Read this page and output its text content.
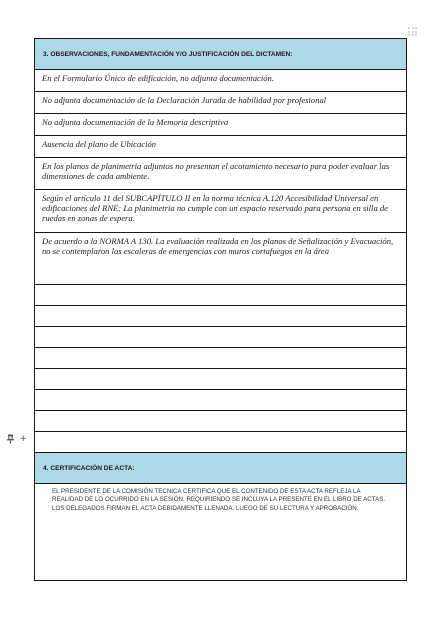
3. OBSERVACIONES, FUNDAMENTACIÓN Y/O JUSTIFICACIÓN DEL DICTAMEN:
En el Formulario Único de edificación, no adjunta documentación.
No adjunta documentación de la Declaración Jurada de habilidad por profesional
No adjunta documentación de la Memoria descriptiva
Ausencia del plano de Ubicación
En los planos de planimetria adjuntos no presentan el acotamiento necesario para poder evaluar las dimensiones de cada ambiente.
Según el artículo 11 del SUBCAPÍTULO II en la norma técnica A.120 Accesibilidad Universal en edificaciones del RNE: La planimetria no cumple con un espacio reservado para persona en silla de ruedas en zonas de espera.
De acuerdo a la NORMA A 130. La evaluación realizada en los planos de Señalización y Evacuación, no se contemplaron las escaleras de emergencias con muros cortafuegos en la área

4. CERTIFICACIÓN DE ACTA:

EL PRESIDENTE DE LA COMISIÓN TECNICA CERTIFICA QUE EL CONTENIDO DE ESTA ACTA REFLEJA LA REALIDAD DE LO OCURRIDO EN LA SESIÓN, REQUIRIENDO SE INCLUYA LA PRESENTE EN EL LIBRO DE ACTAS.

LOS DELEGADOS FIRMAN EL ACTA DEBIDAMENTE LLENADA, LUEGO DE SU LECTURA Y APROBACIÓN.

+
